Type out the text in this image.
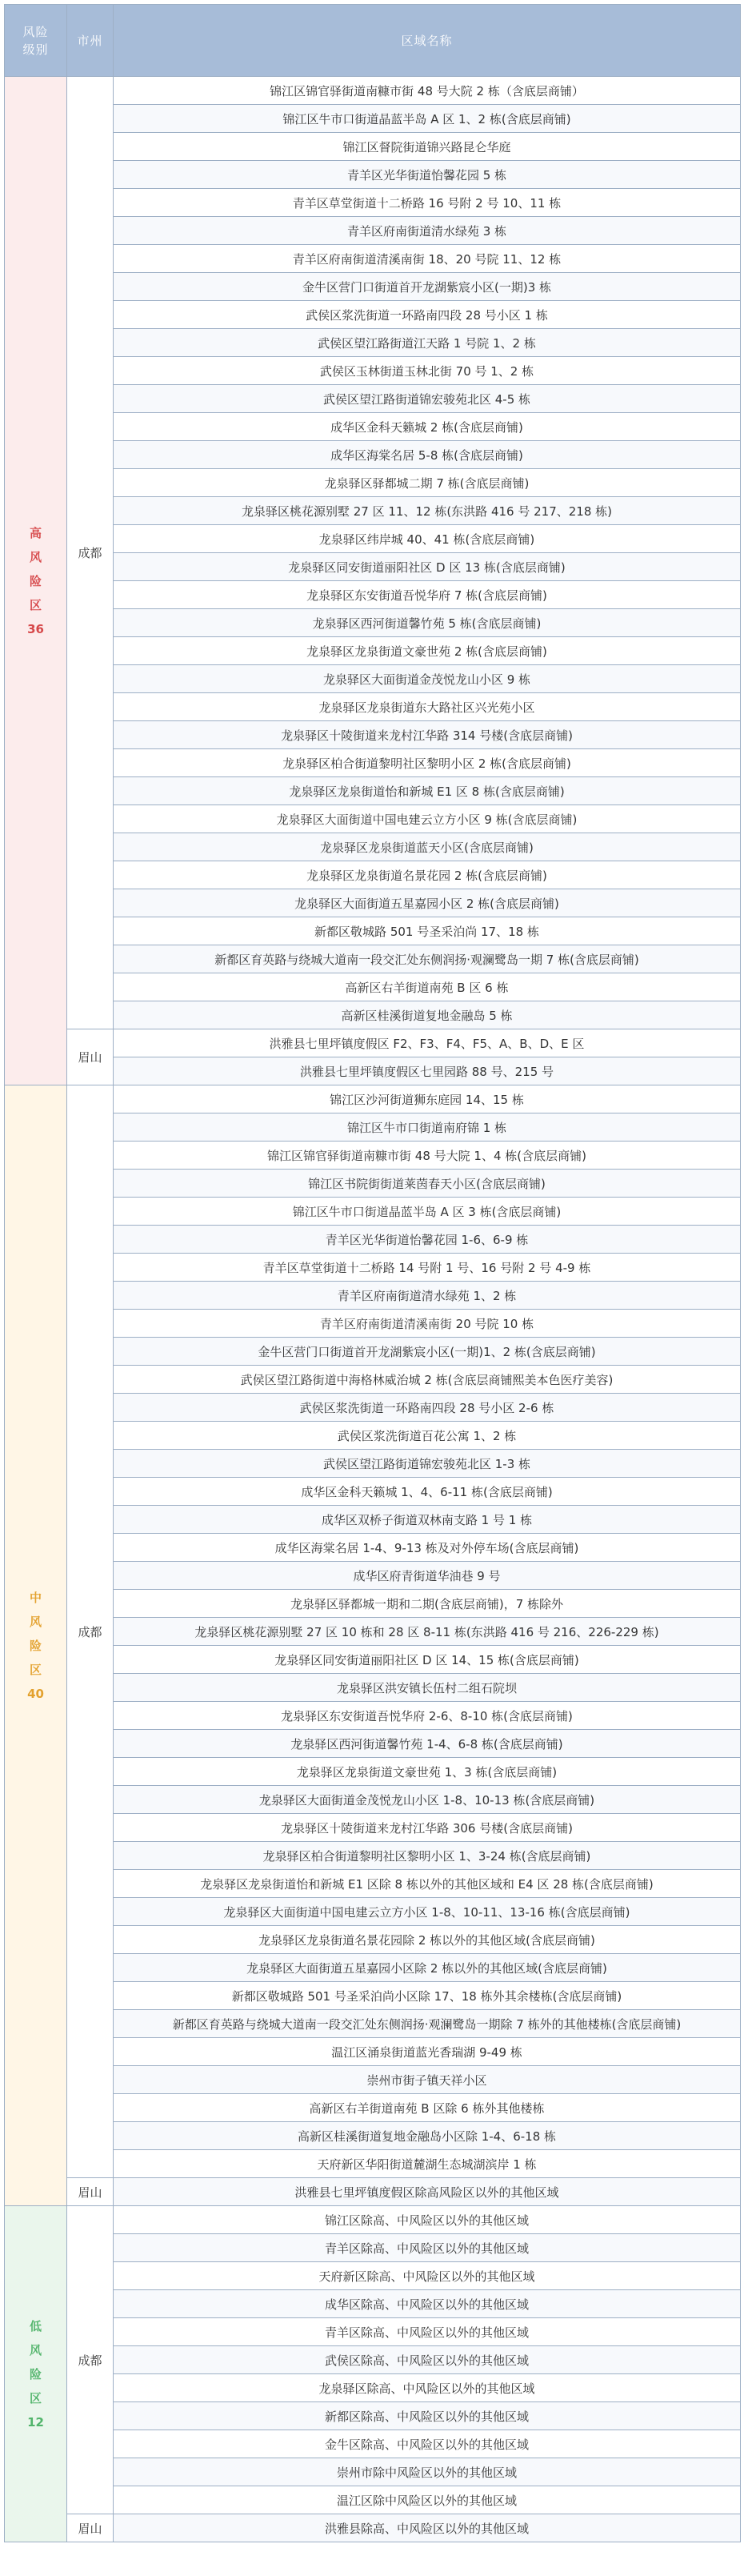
风险级别	市州	区域名称

高
风
险
区
36	成都	锦江区锦官驿街道南糠市街 48 号大院 2 栋（含底层商铺）
		锦江区牛市口街道晶蓝半岛 A 区 1、2 栋(含底层商铺)
		锦江区督院街道锦兴路昆仑华庭
		青羊区光华街道怡馨花园 5 栋
		青羊区草堂街道十二桥路 16 号附 2 号 10、11 栋
		青羊区府南街道清水绿苑 3 栋
		青羊区府南街道清溪南街 18、20 号院 11、12 栋
		金牛区营门口街道首开龙湖紫宸小区(一期)3 栋
		武侯区浆洗街道一环路南四段 28 号小区 1 栋
		武侯区望江路街道江天路 1 号院 1、2 栋
		武侯区玉林街道玉林北街 70 号 1、2 栋
		武侯区望江路街道锦宏骏苑北区 4-5 栋
		成华区金科天籁城 2 栋(含底层商铺)
		成华区海棠名居 5-8 栋(含底层商铺)
		龙泉驿区驿都城二期 7 栋(含底层商铺)
		龙泉驿区桃花源别墅 27 区 11、12 栋(东洪路 416 号 217、218 栋)
		龙泉驿区纬岸城 40、41 栋(含底层商铺)
		龙泉驿区同安街道丽阳社区 D 区 13 栋(含底层商铺)
		龙泉驿区东安街道吾悦华府 7 栋(含底层商铺)
		龙泉驿区西河街道馨竹苑 5 栋(含底层商铺)
		龙泉驿区龙泉街道文豪世苑 2 栋(含底层商铺)
		龙泉驿区大面街道金茂悦龙山小区 9 栋
		龙泉驿区龙泉街道东大路社区兴光苑小区
		龙泉驿区十陵街道来龙村江华路 314 号楼(含底层商铺)
		龙泉驿区柏合街道黎明社区黎明小区 2 栋(含底层商铺)
		龙泉驿区龙泉街道怡和新城 E1 区 8 栋(含底层商铺)
		龙泉驿区大面街道中国电建云立方小区 9 栋(含底层商铺)
		龙泉驿区龙泉街道蓝天小区(含底层商铺)
		龙泉驿区龙泉街道名景花园 2 栋(含底层商铺)
		龙泉驿区大面街道五星嘉园小区 2 栋(含底层商铺)
		新都区敬城路 501 号圣采泊尚 17、18 栋
		新都区育英路与绕城大道南一段交汇处东侧润扬·观澜鹭岛一期 7 栋(含底层商铺)
		高新区右羊街道南苑 B 区 6 栋
		高新区桂溪街道复地金融岛 5 栋
	眉山	洪雅县七里坪镇度假区 F2、F3、F4、F5、A、B、D、E 区
		洪雅县七里坪镇度假区七里园路 88 号、215 号

中
风
险
区
40	成都	锦江区沙河街道狮东庭园 14、15 栋
		锦江区牛市口街道南府锦 1 栋
		锦江区锦官驿街道南糠市街 48 号大院 1、4 栋(含底层商铺)
		锦江区书院街街道莱茵春天小区(含底层商铺)
		锦江区牛市口街道晶蓝半岛 A 区 3 栋(含底层商铺)
		青羊区光华街道怡馨花园 1-6、6-9 栋
		青羊区草堂街道十二桥路 14 号附 1 号、16 号附 2 号 4-9 栋
		青羊区府南街道清水绿苑 1、2 栋
		青羊区府南街道清溪南街 20 号院 10 栋
		金牛区营门口街道首开龙湖紫宸小区(一期)1、2 栋(含底层商铺)
		武侯区望江路街道中海格林威治城 2 栋(含底层商铺熙美本色医疗美容)
		武侯区浆洗街道一环路南四段 28 号小区 2-6 栋
		武侯区浆洗街道百花公寓 1、2 栋
		武侯区望江路街道锦宏骏苑北区 1-3 栋
		成华区金科天籁城 1、4、6-11 栋(含底层商铺)
		成华区双桥子街道双林南支路 1 号 1 栋
		成华区海棠名居 1-4、9-13 栋及对外停车场(含底层商铺)
		成华区府青街道华油巷 9 号
		龙泉驿区驿都城一期和二期(含底层商铺)，7 栋除外
		龙泉驿区桃花源别墅 27 区 10 栋和 28 区 8-11 栋(东洪路 416 号 216、226-229 栋)
		龙泉驿区同安街道丽阳社区 D 区 14、15 栋(含底层商铺)
		龙泉驿区洪安镇长伍村二组石院坝
		龙泉驿区东安街道吾悦华府 2-6、8-10 栋(含底层商铺)
		龙泉驿区西河街道馨竹苑 1-4、6-8 栋(含底层商铺)
		龙泉驿区龙泉街道文豪世苑 1、3 栋(含底层商铺)
		龙泉驿区大面街道金茂悦龙山小区 1-8、10-13 栋(含底层商铺)
		龙泉驿区十陵街道来龙村江华路 306 号楼(含底层商铺)
		龙泉驿区柏合街道黎明社区黎明小区 1、3-24 栋(含底层商铺)
		龙泉驿区龙泉街道怡和新城 E1 区除 8 栋以外的其他区域和 E4 区 28 栋(含底层商铺)
		龙泉驿区大面街道中国电建云立方小区 1-8、10-11、13-16 栋(含底层商铺)
		龙泉驿区龙泉街道名景花园除 2 栋以外的其他区域(含底层商铺)
		龙泉驿区大面街道五星嘉园小区除 2 栋以外的其他区域(含底层商铺)
		新都区敬城路 501 号圣采泊尚小区除 17、18 栋外其余楼栋(含底层商铺)
		新都区育英路与绕城大道南一段交汇处东侧润扬·观澜鹭岛一期除 7 栋外的其他楼栋(含底层商铺)
		温江区涌泉街道蓝光香瑞湖 9-49 栋
		崇州市街子镇天祥小区
		高新区右羊街道南苑 B 区除 6 栋外其他楼栋
		高新区桂溪街道复地金融岛小区除 1-4、6-18 栋
		天府新区华阳街道麓湖生态城湖滨岸 1 栋
	眉山	洪雅县七里坪镇度假区除高风险区以外的其他区域

低
风
险
区
12	成都	锦江区除高、中风险区以外的其他区域
		青羊区除高、中风险区以外的其他区域
		天府新区除高、中风险区以外的其他区域
		成华区除高、中风险区以外的其他区域
		青羊区除高、中风险区以外的其他区域
		武侯区除高、中风险区以外的其他区域
		龙泉驿区除高、中风险区以外的其他区域
		新都区除高、中风险区以外的其他区域
		金牛区除高、中风险区以外的其他区域
		崇州市除中风险区以外的其他区域
		温江区除中风险区以外的其他区域
	眉山	洪雅县除高、中风险区以外的其他区域
